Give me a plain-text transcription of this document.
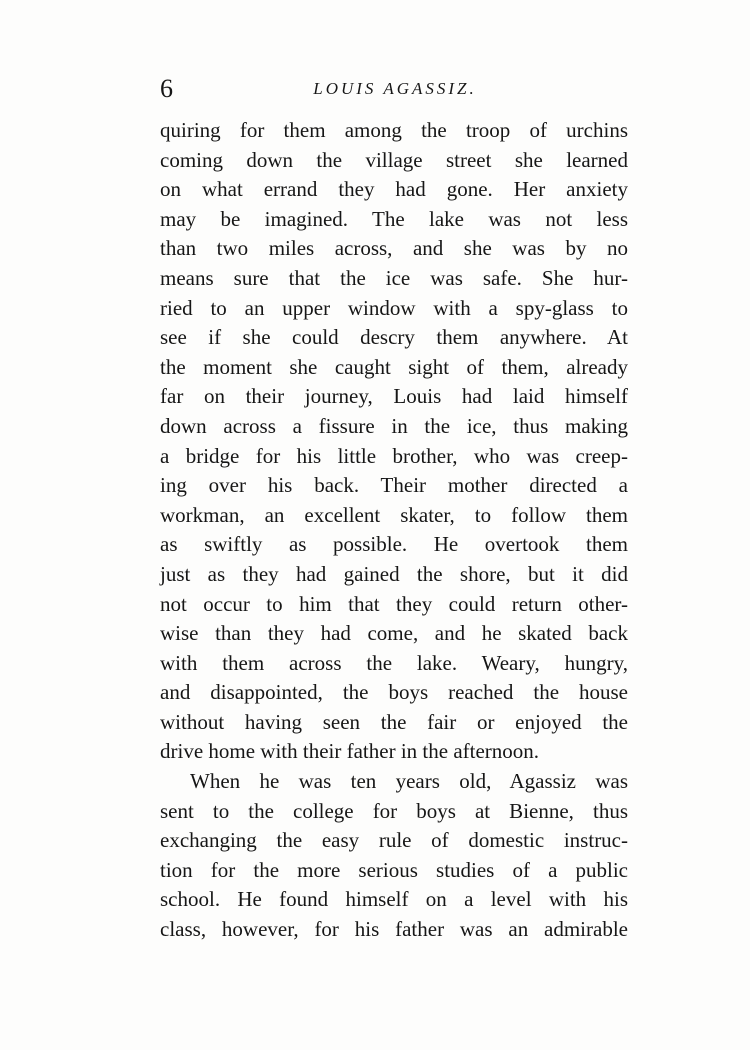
6	LOUIS AGASSIZ.
quiring for them among the troop of urchins
coming down the village street she learned
on what errand they had gone. Her anxiety
may be imagined. The lake was not less
than two miles across, and she was by no
means sure that the ice was safe. She hur-
ried to an upper window with a spy-glass to
see if she could descry them anywhere. At
the moment she caught sight of them, already
far on their journey, Louis had laid himself
down across a fissure in the ice, thus making
a bridge for his little brother, who was creep-
ing over his back. Their mother directed a
workman, an excellent skater, to follow them
as swiftly as possible. He overtook them
just as they had gained the shore, but it did
not occur to him that they could return other-
wise than they had come, and he skated back
with them across the lake. Weary, hungry,
and disappointed, the boys reached the house
without having seen the fair or enjoyed the
drive home with their father in the afternoon.
When he was ten years old, Agassiz was
sent to the college for boys at Bienne, thus
exchanging the easy rule of domestic instruc-
tion for the more serious studies of a public
school. He found himself on a level with his
class, however, for his father was an admirable
